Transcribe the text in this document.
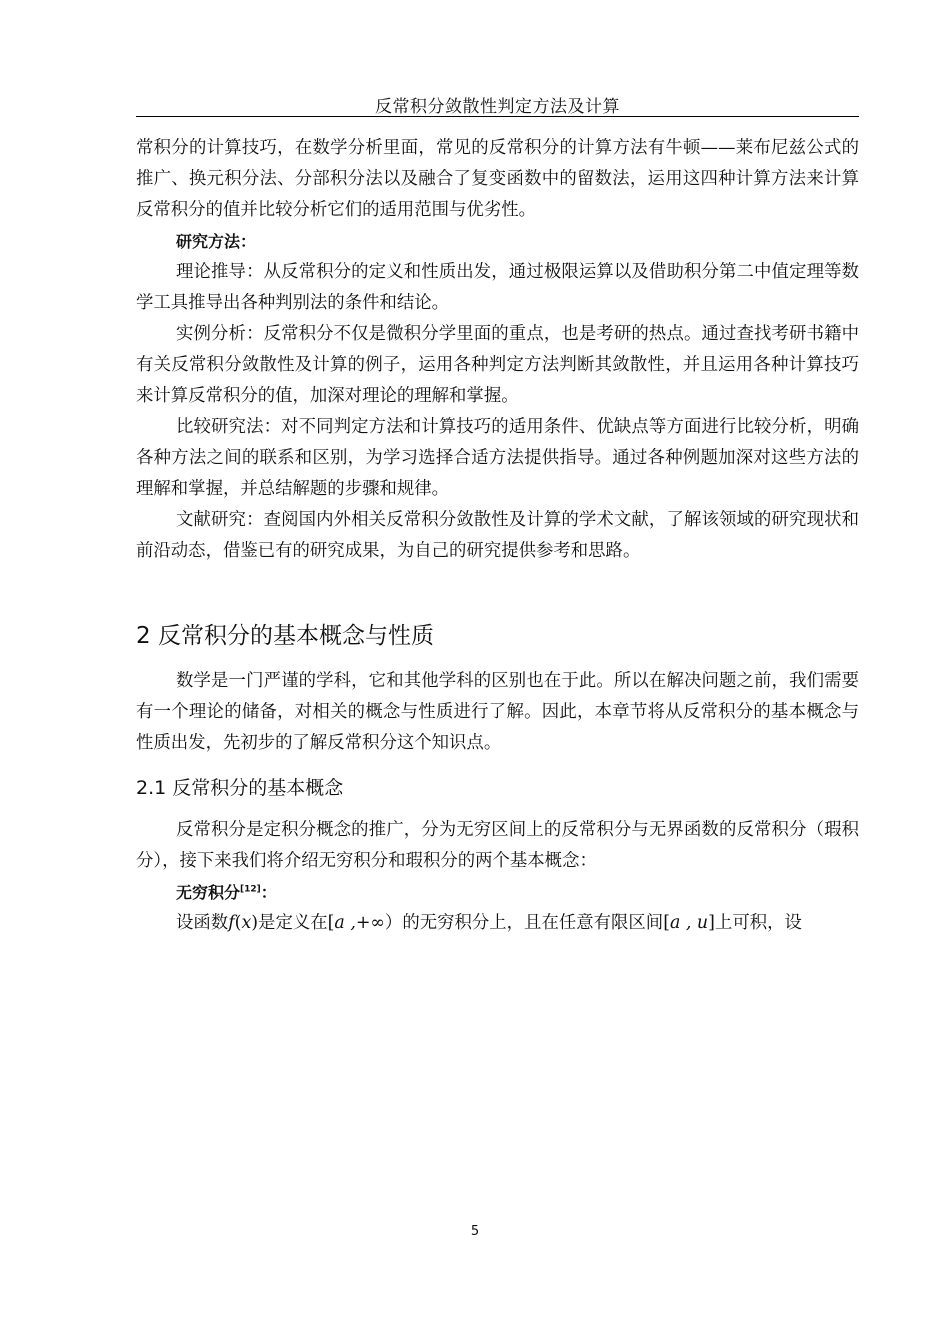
反常积分敛散性判定方法及计算

常积分的计算技巧，在数学分析里面，常见的反常积分的计算方法有牛顿——莱布尼兹公式的推广、换元积分法、分部积分法以及融合了复变函数中的留数法，运用这四种计算方法来计算反常积分的值并比较分析它们的适用范围与优劣性。

研究方法：

理论推导：从反常积分的定义和性质出发，通过极限运算以及借助积分第二中值定理等数学工具推导出各种判别法的条件和结论。

实例分析：反常积分不仅是微积分学里面的重点，也是考研的热点。通过查找考研书籍中有关反常积分敛散性及计算的例子，运用各种判定方法判断其敛散性，并且运用各种计算技巧来计算反常积分的值，加深对理论的理解和掌握。

比较研究法：对不同判定方法和计算技巧的适用条件、优缺点等方面进行比较分析，明确各种方法之间的联系和区别，为学习选择合适方法提供指导。通过各种例题加深对这些方法的理解和掌握，并总结解题的步骤和规律。

文献研究：查阅国内外相关反常积分敛散性及计算的学术文献，了解该领域的研究现状和前沿动态，借鉴已有的研究成果，为自己的研究提供参考和思路。

2 反常积分的基本概念与性质

数学是一门严谨的学科，它和其他学科的区别也在于此。所以在解决问题之前，我们需要有一个理论的储备，对相关的概念与性质进行了解。因此，本章节将从反常积分的基本概念与性质出发，先初步的了解反常积分这个知识点。

2.1 反常积分的基本概念

反常积分是定积分概念的推广，分为无穷区间上的反常积分与无界函数的反常积分（瑕积分），接下来我们将介绍无穷积分和瑕积分的两个基本概念：

无穷积分[12]：

设函数f(x)是定义在[a ,+∞）的无穷积分上，且在任意有限区间[a , u]上可积，设

5
